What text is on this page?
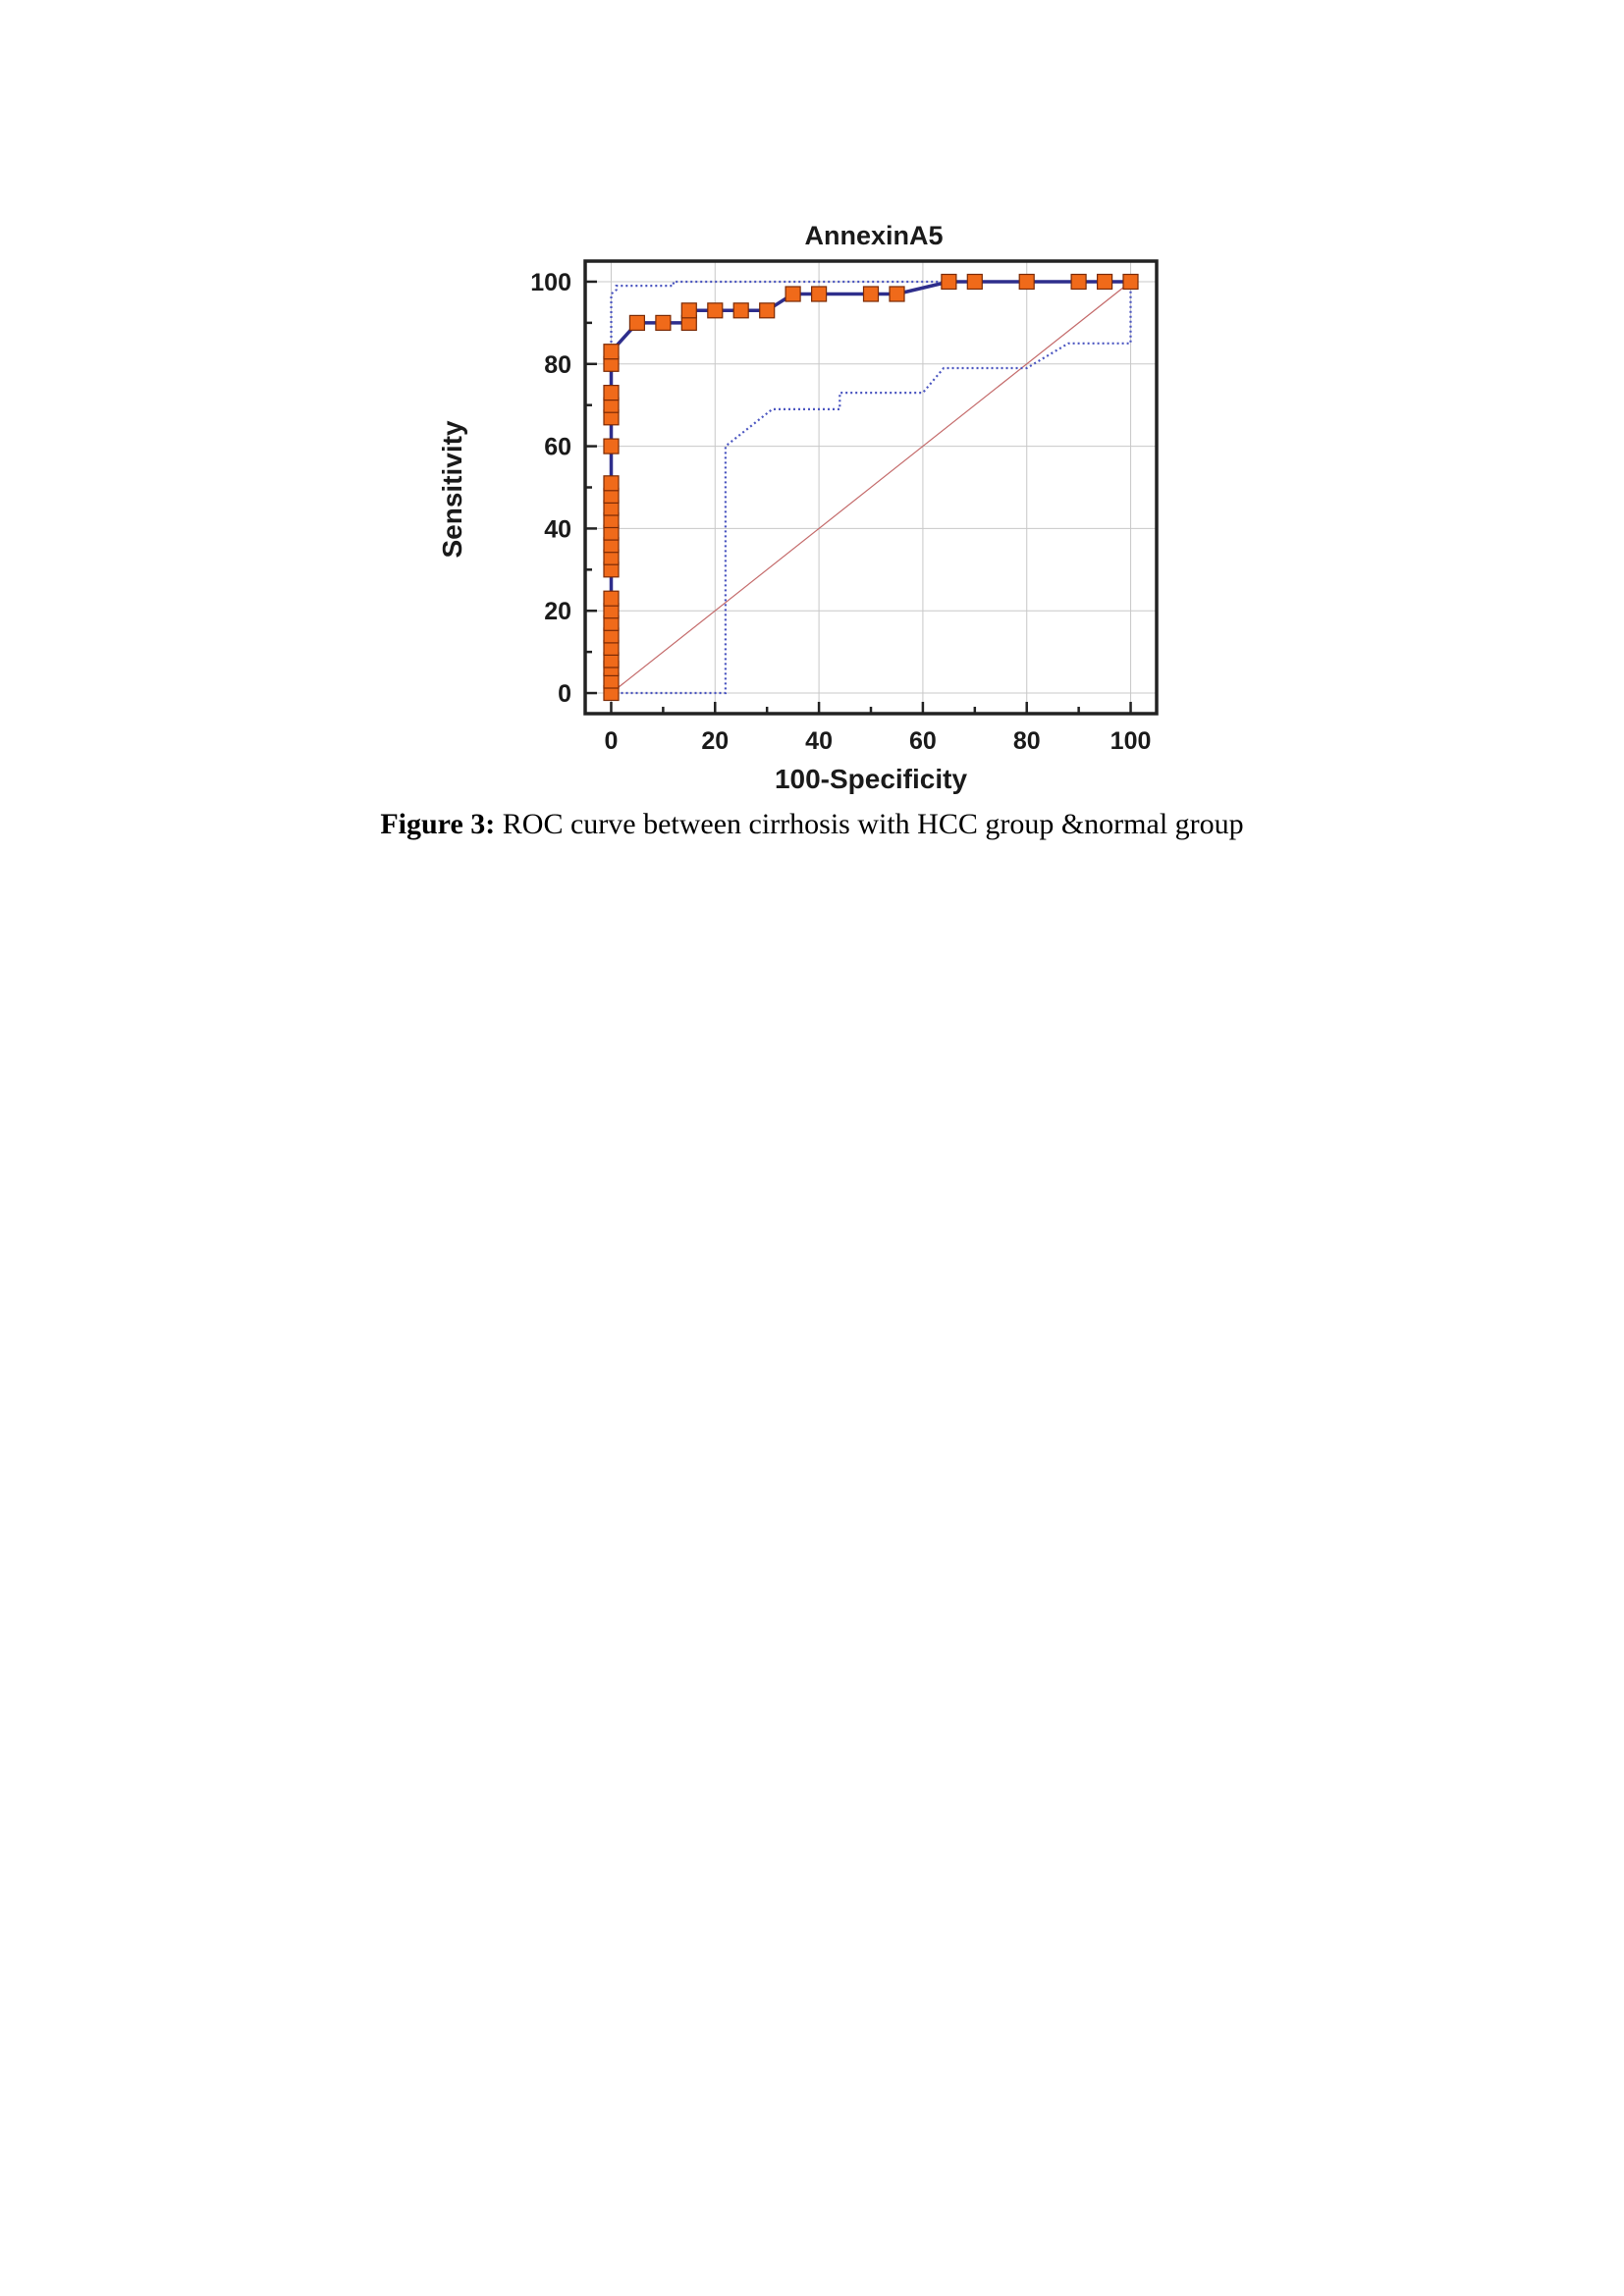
0	20	40	60	80	100
0
20
40
60
80
100
AnnexinA5
100-Specificity
Sensitivity
Figure 3: ROC curve between cirrhosis with HCC group &normal group
